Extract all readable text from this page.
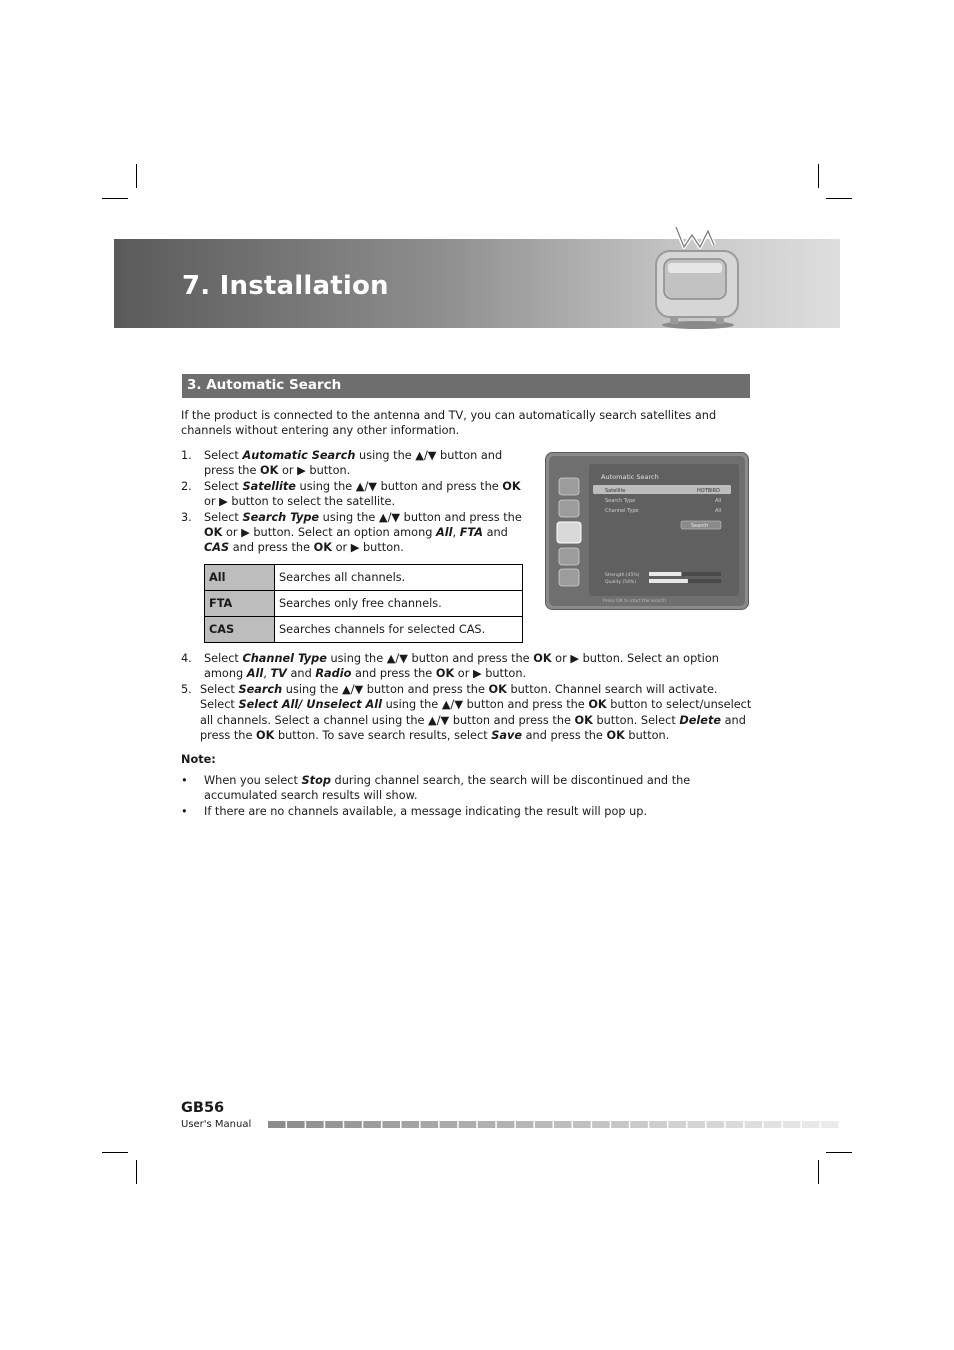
7. Installation
3. Automatic Search
If the product is connected to the antenna and TV, you can automatically search satellites and channels without entering any other information.
1. Select Automatic Search using the ▲/▼ button and press the OK or ▶ button.
2. Select Satellite using the ▲/▼ button and press the OK or ▶ button to select the satellite.
3. Select Search Type using the ▲/▼ button and press the OK or ▶ button. Select an option among All, FTA and CAS and press the OK or ▶ button.
All	Searches all channels.
FTA	Searches only free channels.
CAS	Searches channels for selected CAS.
Automatic Search
Satellite	HOTBIRD
Search Type	All
Channel Type	All
Search
Strength (45%)
Quality (54%)
Press OK to start the search
4. Select Channel Type using the ▲/▼ button and press the OK or ▶ button. Select an option among All, TV and Radio and press the OK or ▶ button.
5. Select Search using the ▲/▼ button and press the OK button. Channel search will activate. Select Select All/ Unselect All using the ▲/▼ button and press the OK button to select/unselect all channels. Select a channel using the ▲/▼ button and press the OK button. Select Delete and press the OK button. To save search results, select Save and press the OK button.
Note:
• When you select Stop during channel search, the search will be discontinued and the accumulated search results will show.
• If there are no channels available, a message indicating the result will pop up.
GB56
User's Manual
